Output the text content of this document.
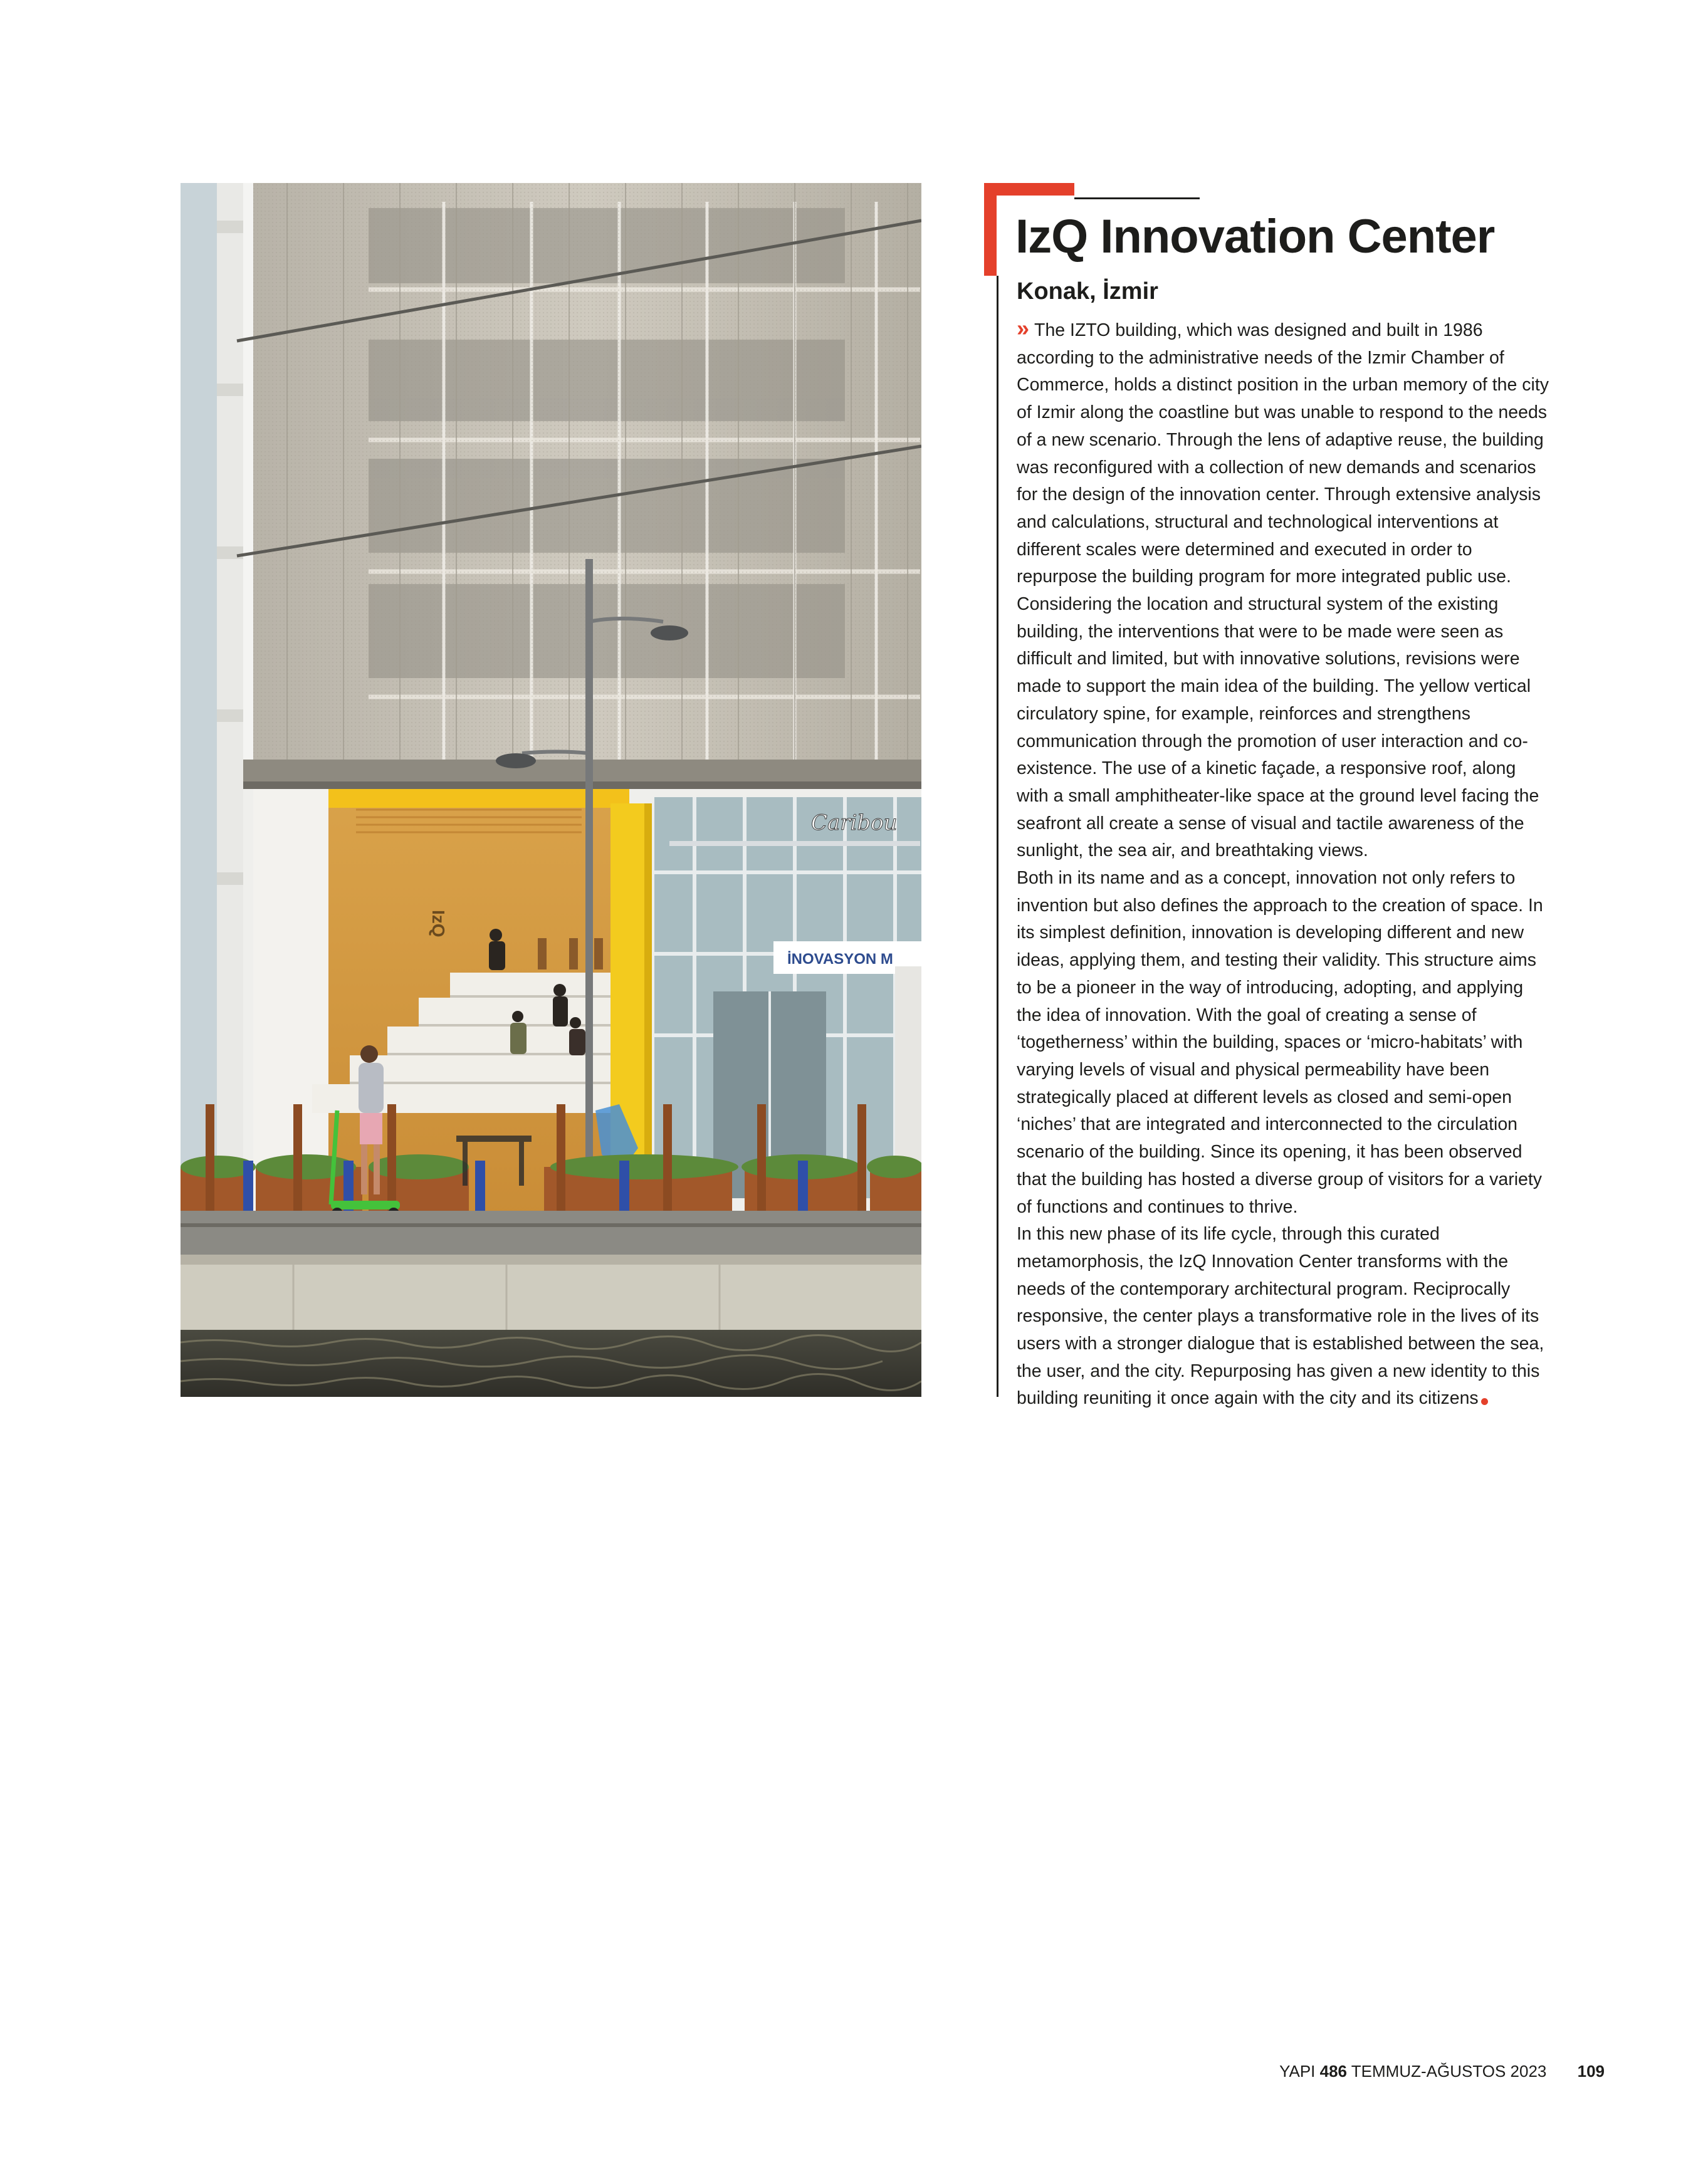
IzQ
Caribou
İNOVASYON M
IzQ Innovation Center
Konak, İzmir

» The IZTO building, which was designed and built in 1986 according to the administrative needs of the Izmir Chamber of Commerce, holds a distinct position in the urban memory of the city of Izmir along the coastline but was unable to respond to the needs of a new scenario. Through the lens of adaptive reuse, the building was reconfigured with a collection of new demands and scenarios for the design of the innovation center. Through extensive analysis and calculations, structural and technological interventions at different scales were determined and executed in order to repurpose the building program for more integrated public use.

Considering the location and structural system of the existing building, the interventions that were to be made were seen as difficult and limited, but with innovative solutions, revisions were made to support the main idea of the building. The yellow vertical circulatory spine, for example, reinforces and strengthens communication through the promotion of user interaction and co-existence. The use of a kinetic façade, a responsive roof, along with a small amphitheater-like space at the ground level facing the seafront all create a sense of visual and tactile awareness of the sunlight, the sea air, and breathtaking views.

Both in its name and as a concept, innovation not only refers to invention but also defines the approach to the creation of space. In its simplest definition, innovation is developing different and new ideas, applying them, and testing their validity. This structure aims to be a pioneer in the way of introducing, adopting, and applying the idea of innovation. With the goal of creating a sense of ‘togetherness’ within the building, spaces or ‘micro-habitats’ with varying levels of visual and physical permeability have been strategically placed at different levels as closed and semi-open ‘niches’ that are integrated and interconnected to the circulation scenario of the building. Since its opening, it has been observed that the building has hosted a diverse group of visitors for a variety of functions and continues to thrive.

In this new phase of its life cycle, through this curated metamorphosis, the IzQ Innovation Center transforms with the needs of the contemporary architectural program. Reciprocally responsive, the center plays a transformative role in the lives of its users with a stronger dialogue that is established between the sea, the user, and the city. Repurposing has given a new identity to this building reuniting it once again with the city and its citizens

YAPI 486 TEMMUZ-AĞUSTOS 2023 109
